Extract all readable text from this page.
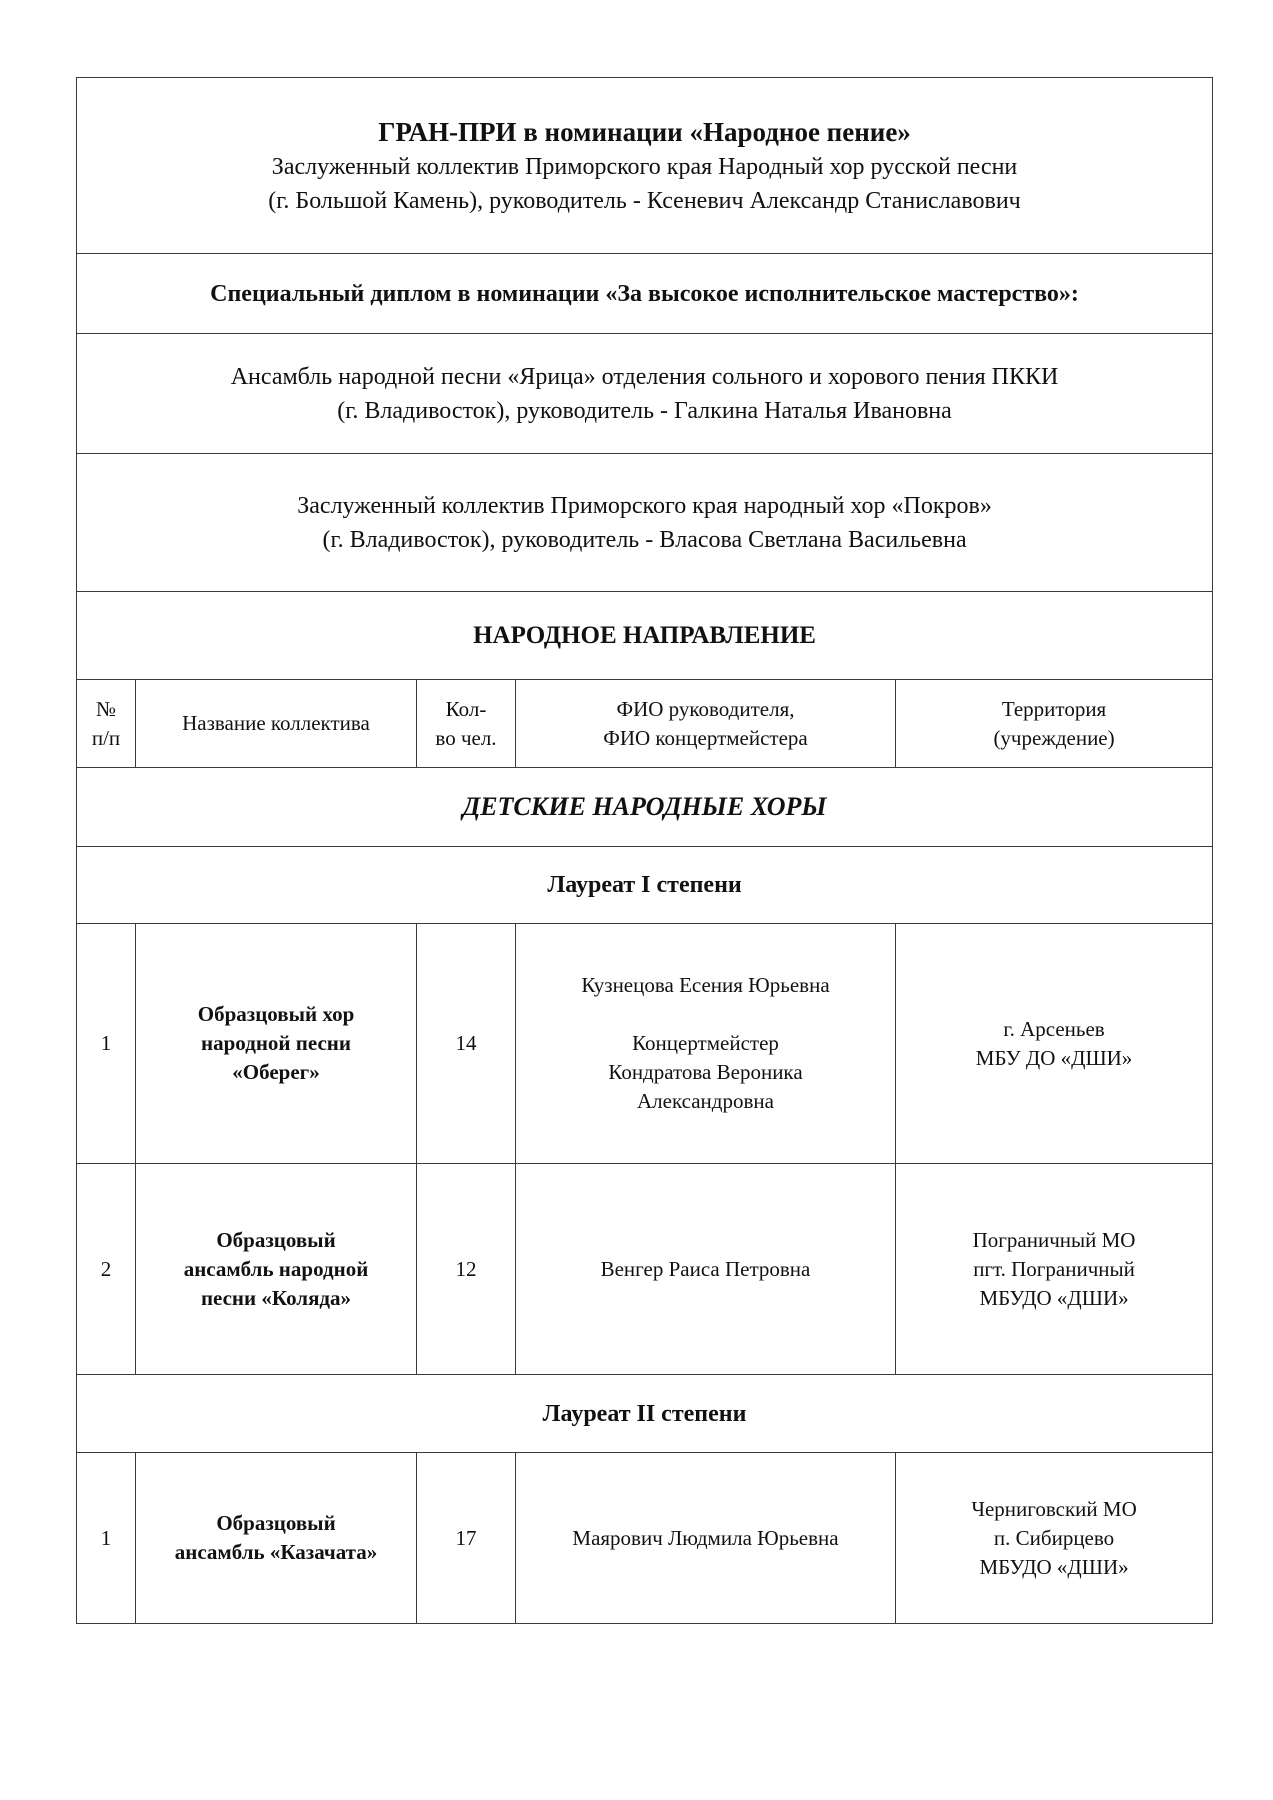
ГРАН-ПРИ в номинации «Народное пение»
Заслуженный коллектив Приморского края Народный хор русской песни
(г. Большой Камень), руководитель - Ксеневич Александр Станиславович				

Специальный диплом в номинации «За высокое исполнительское мастерство»:				

Ансамбль народной песни «Ярица» отделения сольного и хорового пения ПККИ
(г. Владивосток), руководитель - Галкина Наталья Ивановна				

Заслуженный коллектив Приморского края народный хор «Покров»
(г. Владивосток), руководитель - Власова Светлана Васильевна				

НАРОДНОЕ НАПРАВЛЕНИЕ				

№
п/п	Название коллектива	Кол-
во чел.	ФИО руководителя,
ФИО концертмейстера	Территория
(учреждение)

ДЕТСКИЕ НАРОДНЫЕ ХОРЫ				
Лауреат I степени				
1	Образцовый хор
народной песни
«Оберег»	14	Кузнецова Есения Юрьевна
Концертмейстер
Кондратова Вероника
Александровна	г. Арсеньев
МБУ ДО «ДШИ»

2	Образцовый
ансамбль народной
песни «Коляда»	12	Венгер Раиса Петровна	Пограничный МО
пгт. Пограничный
МБУДО «ДШИ»

Лауреат II степени				
1	Образцовый
ансамбль «Казачата»	17	Маярович Людмила Юрьевна	Черниговский МО
п. Сибирцево
МБУДО «ДШИ»
